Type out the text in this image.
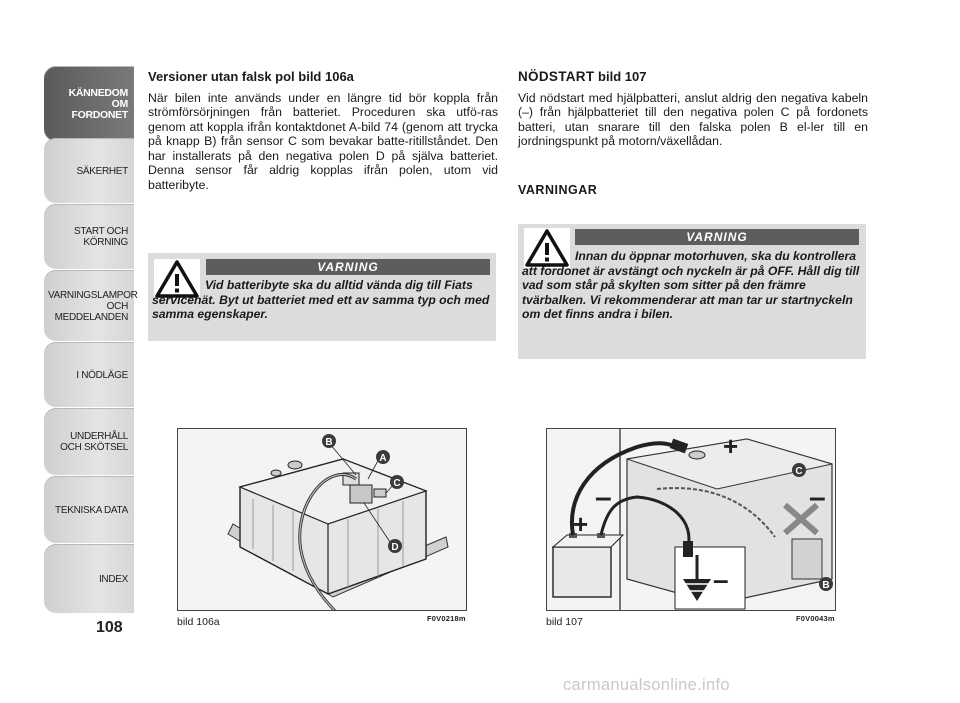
KÄNNEDOM OM FORDONET
SÄKERHET
START OCH KÖRNING
VARNINGSLAMPOR OCH MEDDELANDEN
I NÖDLÄGE
UNDERHÅLL OCH SKÖTSEL
TEKNISKA DATA
INDEX
108
Versioner utan falsk pol bild 106a

När bilen inte används under en längre tid bör koppla från strömförsörjningen från batteriet. Proceduren ska utfö-ras genom att koppla ifrån kontaktdonet A-bild 74 (genom att trycka på knapp B) från sensor C som bevakar batte-ritillståndet. Den har installerats på den negativa polen D på själva batteriet. Denna sensor får aldrig kopplas ifrån polen, utom vid batteribyte.

NÖDSTART bild 107

Vid nödstart med hjälpbatteri, anslut aldrig den negativa kabeln (–) från hjälpbatteriet till den negativa polen C på fordonets batteri, utan snarare till den falska polen B el-ler till en jordningspunkt på motorn/växellådan.

VARNINGAR
VARNING
Vid batteribyte ska du alltid vända dig till Fiats servicenät. Byt ut batteriet med ett av samma typ och med samma egenskaper.
VARNING
Innan du öppnar motorhuven, ska du kontrollera att fordonet är avstängt och nyckeln är på OFF. Håll dig till vad som står på skylten som sitter på den främre tvärbalken. Vi rekommenderar att man tar ur startnyckeln om det finns andra i bilen.
B
A
C
D
bild 106a	F0V0218m
+
–
+
–
–
C
B
bild 107	F0V0043m
carmanualsonline.info
